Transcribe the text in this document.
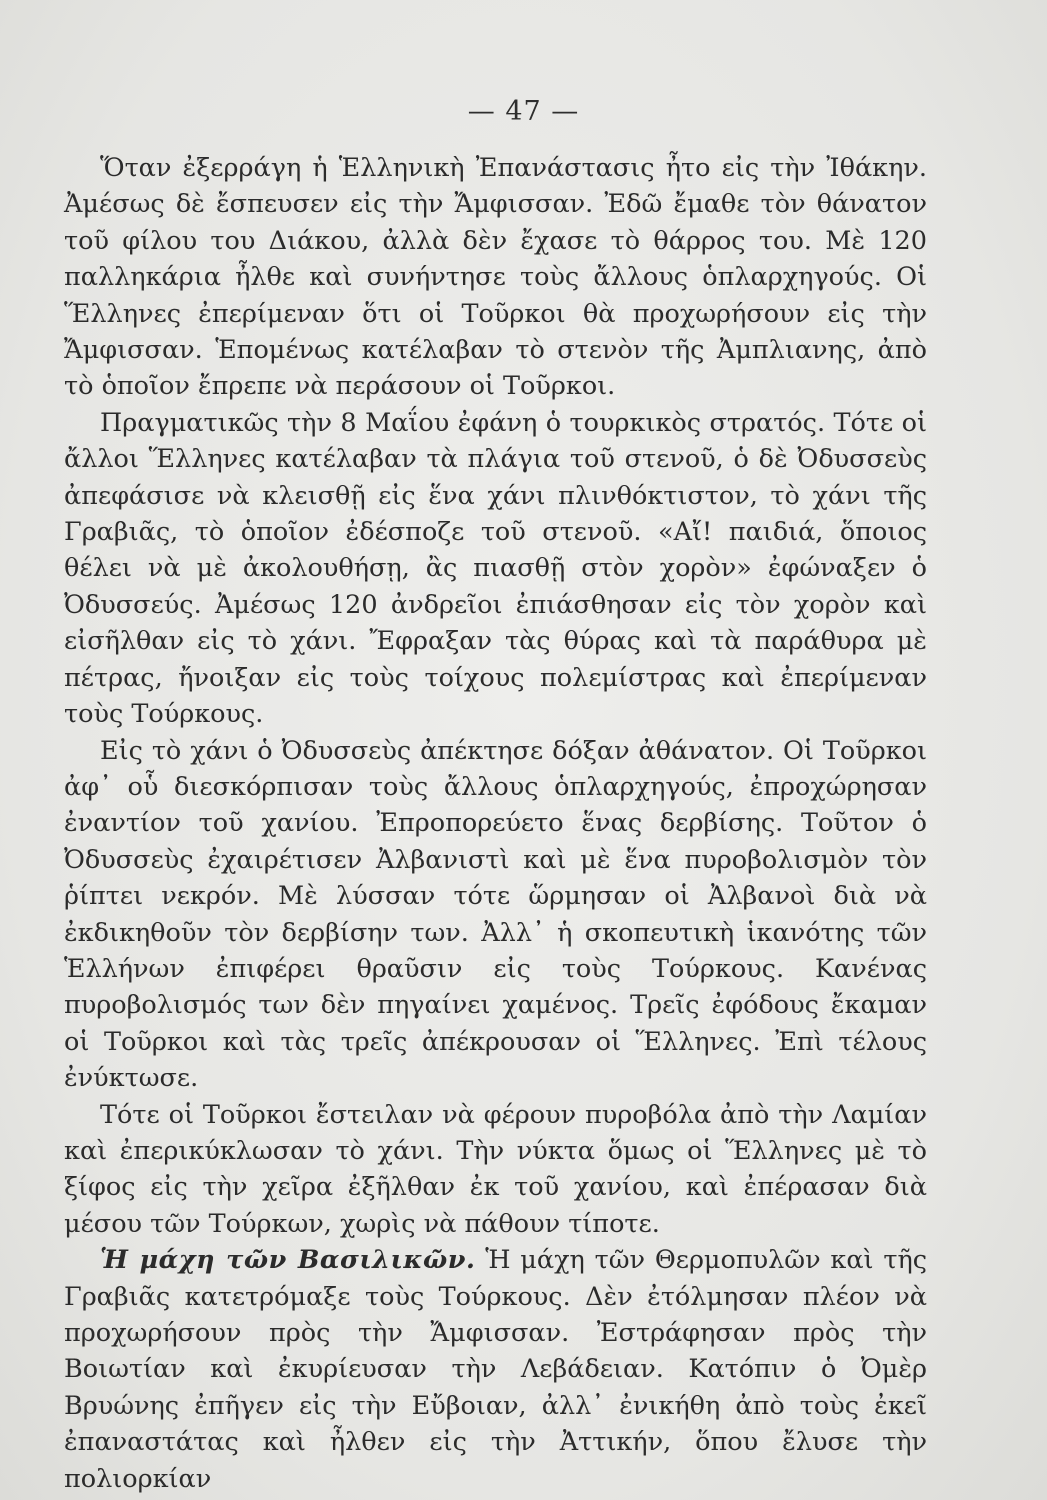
— 47 —

Ὅταν ἐξερράγη ἡ Ἑλληνικὴ Ἐπανάστασις ἦτο εἰς τὴν Ἰθάκην. Ἀμέσως δὲ ἔσπευσεν εἰς τὴν Ἄμφισσαν. Ἐδῶ ἔμαθε τὸν θάνατον τοῦ φίλου του Διάκου, ἀλλὰ δὲν ἔχασε τὸ θάρρος του. Μὲ 120 παλληκάρια ἦλθε καὶ συνήντησε τοὺς ἄλλους ὁπλαρχηγούς. Οἱ Ἕλληνες ἐπερίμεναν ὅτι οἱ Τοῦρκοι θὰ προχωρήσουν εἰς τὴν Ἄμφισσαν. Ἑπομένως κατέλαβαν τὸ στενὸν τῆς Ἀμπλιανης, ἀπὸ τὸ ὁποῖον ἔπρεπε νὰ περάσουν οἱ Τοῦρκοι.

Πραγματικῶς τὴν 8 Μαΐου ἐφάνη ὁ τουρκικὸς στρατός. Τότε οἱ ἄλλοι Ἕλληνες κατέλαβαν τὰ πλάγια τοῦ στενοῦ, ὁ δὲ Ὀδυσσεὺς ἀπεφάσισε νὰ κλεισθῇ εἰς ἕνα χάνι πλινθόκτιστον, τὸ χάνι τῆς Γραβιᾶς, τὸ ὁποῖον ἐδέσποζε τοῦ στενοῦ. «Αἴ! παιδιά, ὅποιος θέλει νὰ μὲ ἀκολουθήσῃ, ἂς πιασθῇ στὸν χορὸν» ἐφώναξεν ὁ Ὀδυσσεύς. Ἀμέσως 120 ἀνδρεῖοι ἐπιάσθησαν εἰς τὸν χορὸν καὶ εἰσῆλθαν εἰς τὸ χάνι. Ἔφραξαν τὰς θύρας καὶ τὰ παράθυρα μὲ πέτρας, ἤνοιξαν εἰς τοὺς τοίχους πολεμίστρας καὶ ἐπερίμεναν τοὺς Τούρκους.

Εἰς τὸ χάνι ὁ Ὀδυσσεὺς ἀπέκτησε δόξαν ἀθάνατον. Οἱ Τοῦρκοι ἀφ᾿ οὗ διεσκόρπισαν τοὺς ἄλλους ὁπλαρχηγούς, ἐπροχώρησαν ἐναντίον τοῦ χανίου. Ἐπροπορεύετο ἕνας δερβίσης. Τοῦτον ὁ Ὀδυσσεὺς ἐχαιρέτισεν Ἀλβανιστὶ καὶ μὲ ἕνα πυροβολισμὸν τὸν ῥίπτει νεκρόν. Μὲ λύσσαν τότε ὥρμησαν οἱ Ἀλβανοὶ διὰ νὰ ἐκδικηθοῦν τὸν δερβίσην των. Ἀλλ᾿ ἡ σκοπευτικὴ ἱκανότης τῶν Ἑλλήνων ἐπιφέρει θραῦσιν εἰς τοὺς Τούρκους. Κανένας πυροβολισμός των δὲν πηγαίνει χαμένος. Τρεῖς ἐφόδους ἔκαμαν οἱ Τοῦρκοι καὶ τὰς τρεῖς ἀπέκρουσαν οἱ Ἕλληνες. Ἐπὶ τέλους ἐνύκτωσε.

Τότε οἱ Τοῦρκοι ἔστειλαν νὰ φέρουν πυροβόλα ἀπὸ τὴν Λαμίαν καὶ ἐπερικύκλωσαν τὸ χάνι. Τὴν νύκτα ὅμως οἱ Ἕλληνες μὲ τὸ ξίφος εἰς τὴν χεῖρα ἐξῆλθαν ἐκ τοῦ χανίου, καὶ ἐπέρασαν διὰ μέσου τῶν Τούρκων, χωρὶς νὰ πάθουν τίποτε.

Ἡ μάχη τῶν Βασιλικῶν. Ἡ μάχη τῶν Θερμοπυλῶν καὶ τῆς Γραβιᾶς κατετρόμαξε τοὺς Τούρκους. Δὲν ἐτόλμησαν πλέον νὰ προχωρήσουν πρὸς τὴν Ἄμφισσαν. Ἐστράφησαν πρὸς τὴν Βοιωτίαν καὶ ἐκυρίευσαν τὴν Λεβάδειαν. Κατόπιν ὁ Ὀμὲρ Βρυώνης ἐπῆγεν εἰς τὴν Εὔβοιαν, ἀλλ᾿ ἐνικήθη ἀπὸ τοὺς ἐκεῖ ἐπαναστάτας καὶ ἦλθεν εἰς τὴν Ἀττικήν, ὅπου ἔλυσε τὴν πολιορκίαν
